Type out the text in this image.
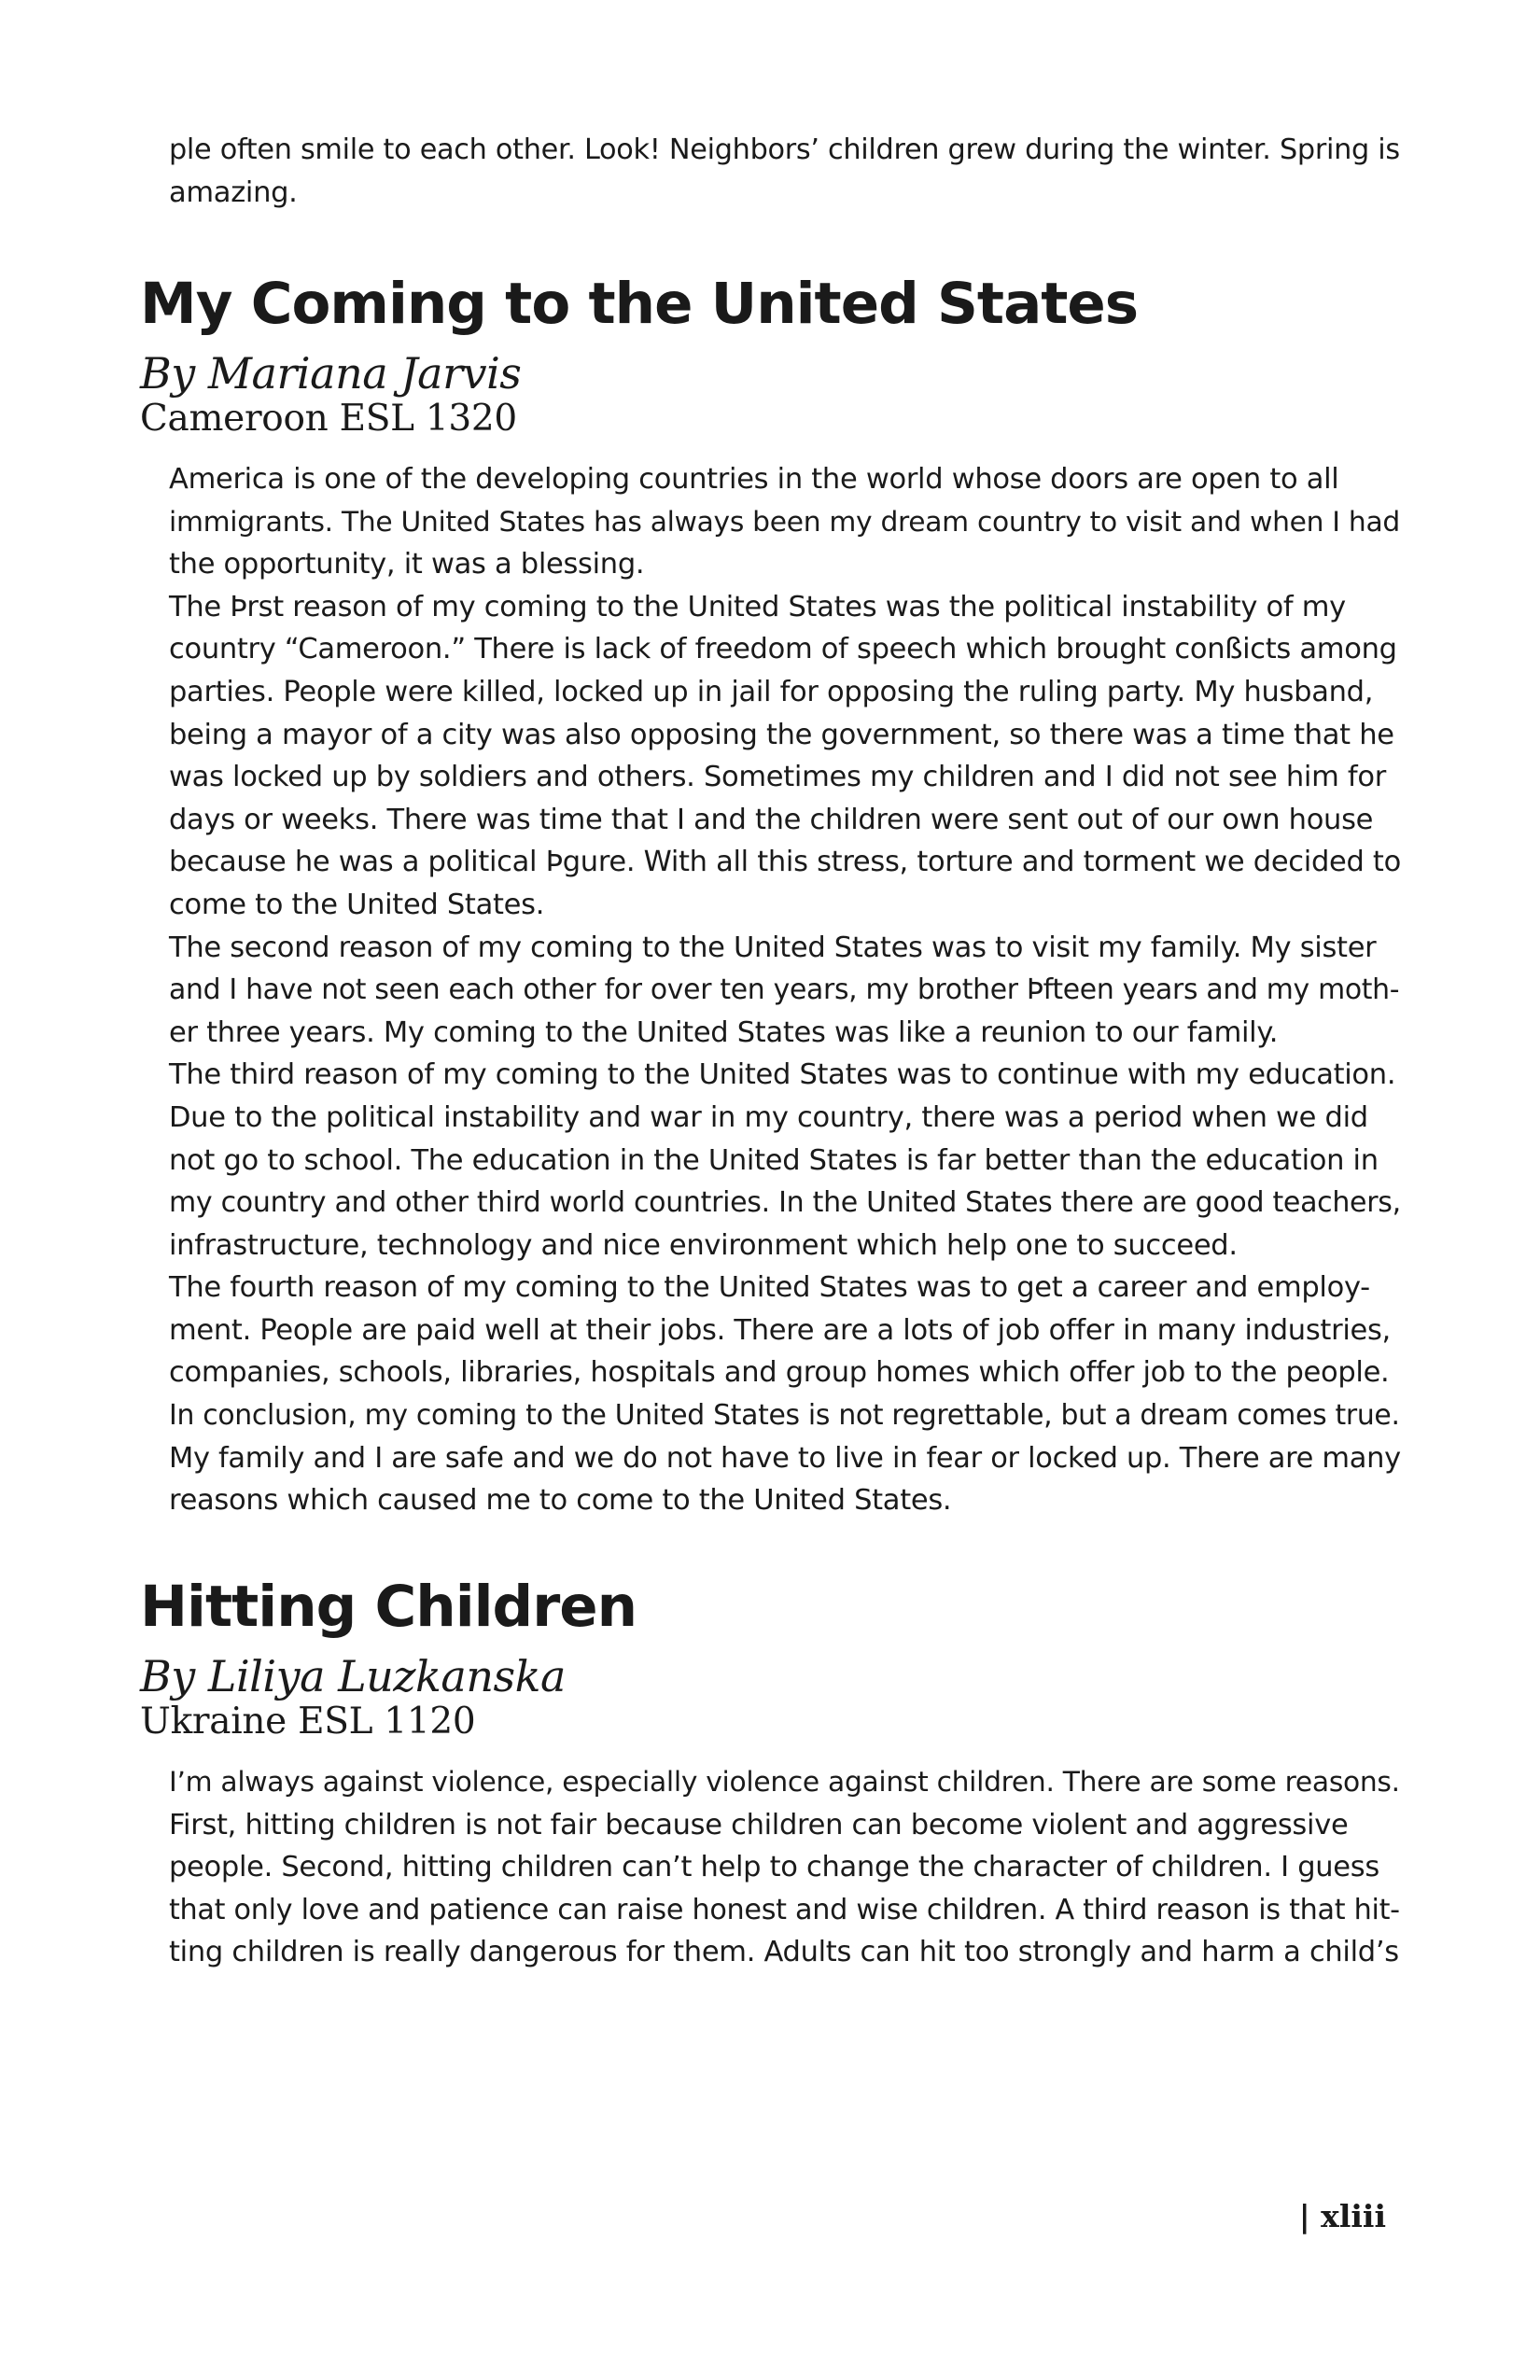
ple often smile to each other. Look! Neighbors’ children grew during the winter. Spring is
amazing.
My Coming to the United States
By Mariana Jarvis
Cameroon ESL 1320
America is one of the developing countries in the world whose doors are open to all
immigrants. The United States has always been my dream country to visit and when I had
the opportunity, it was a blessing.
The Þrst reason of my coming to the United States was the political instability of my
country “Cameroon.” There is lack of freedom of speech which brought conßicts among
parties. People were killed, locked up in jail for opposing the ruling party. My husband,
being a mayor of a city was also opposing the government, so there was a time that he
was locked up by soldiers and others. Sometimes my children and I did not see him for
days or weeks. There was time that I and the children were sent out of our own house
because he was a political Þgure. With all this stress, torture and torment we decided to
come to the United States.
The second reason of my coming to the United States was to visit my family. My sister
and I have not seen each other for over ten years, my brother Þfteen years and my moth-
er three years. My coming to the United States was like a reunion to our family.
The third reason of my coming to the United States was to continue with my education.
Due to the political instability and war in my country, there was a period when we did
not go to school. The education in the United States is far better than the education in
my country and other third world countries. In the United States there are good teachers,
infrastructure, technology and nice environment which help one to succeed.
The fourth reason of my coming to the United States was to get a career and employ-
ment. People are paid well at their jobs. There are a lots of job offer in many industries,
companies, schools, libraries, hospitals and group homes which offer job to the people.
In conclusion, my coming to the United States is not regrettable, but a dream comes true.
My family and I are safe and we do not have to live in fear or locked up. There are many
reasons which caused me to come to the United States.
Hitting Children
By Liliya Luzkanska
Ukraine ESL 1120
I’m always against violence, especially violence against children. There are some reasons.
First, hitting children is not fair because children can become violent and aggressive
people. Second, hitting children can’t help to change the character of children. I guess
that only love and patience can raise honest and wise children. A third reason is that hit-
ting children is really dangerous for them. Adults can hit too strongly and harm a child’s
| xliii
